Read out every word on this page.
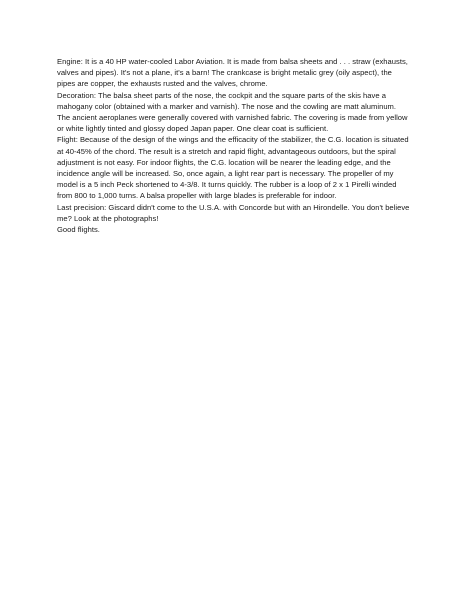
Engine: It is a 40 HP water-cooled Labor Aviation. It is made from balsa sheets and . . . straw (exhausts, valves and pipes). It's not a plane, it's a barn! The crankcase is bright metalic grey (oily aspect), the pipes are copper, the exhausts rusted and the valves, chrome.

Decoration: The balsa sheet parts of the nose, the cockpit and the square parts of the skis have a mahogany color (obtained with a marker and varnish). The nose and the cowling are matt aluminum.

The ancient aeroplanes were generally covered with varnished fabric. The covering is made from yellow or white lightly tinted and glossy doped Japan paper. One clear coat is sufficient.

Flight: Because of the design of the wings and the efficacity of the stabilizer, the C.G. location is situated at 40-45% of the chord. The result is a stretch and rapid flight, advantageous outdoors, but the spiral adjustment is not easy. For indoor flights, the C.G. location will be nearer the leading edge, and the incidence angle will be increased. So, once again, a light rear part is necessary. The propeller of my model is a 5 inch Peck shortened to 4-3/8. It turns quickly. The rubber is a loop of 2 x 1 Pirelli winded from 800 to 1,000 turns. A balsa propeller with large blades is preferable for indoor.

Last precision: Giscard didn't come to the U.S.A. with Concorde but with an Hirondelle. You don't believe me? Look at the photographs!

Good flights.
